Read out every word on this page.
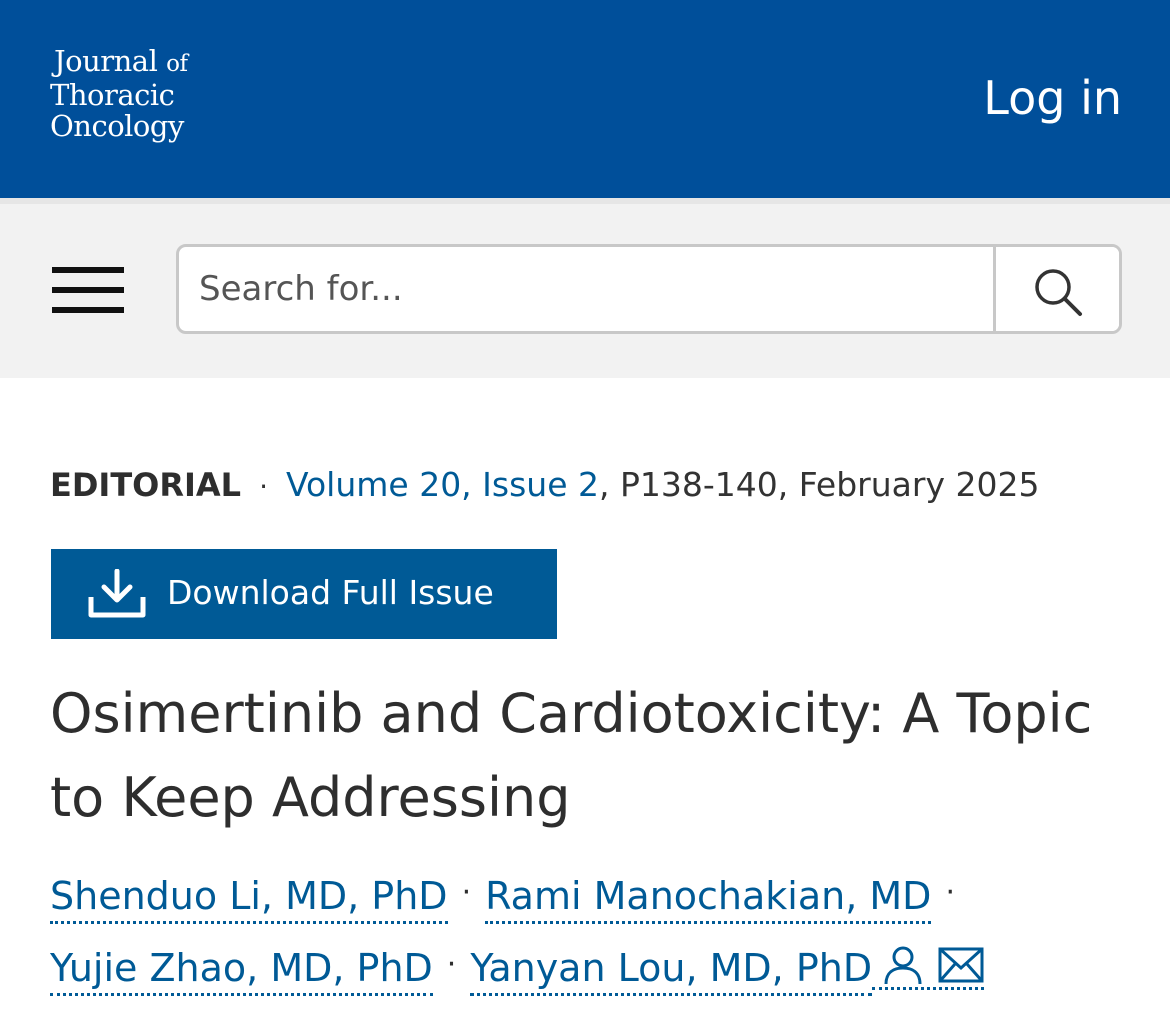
Journal of
Thoracic
Oncology
Log in
Search for...
EDITORIAL · Volume 20, Issue 2, P138-140, February 2025
Download Full Issue
Osimertinib and Cardiotoxicity: A Topic to Keep Addressing
Shenduo Li, MD, PhD · Rami Manochakian, MD ·
Yujie Zhao, MD, PhD · Yanyan Lou, MD, PhD
